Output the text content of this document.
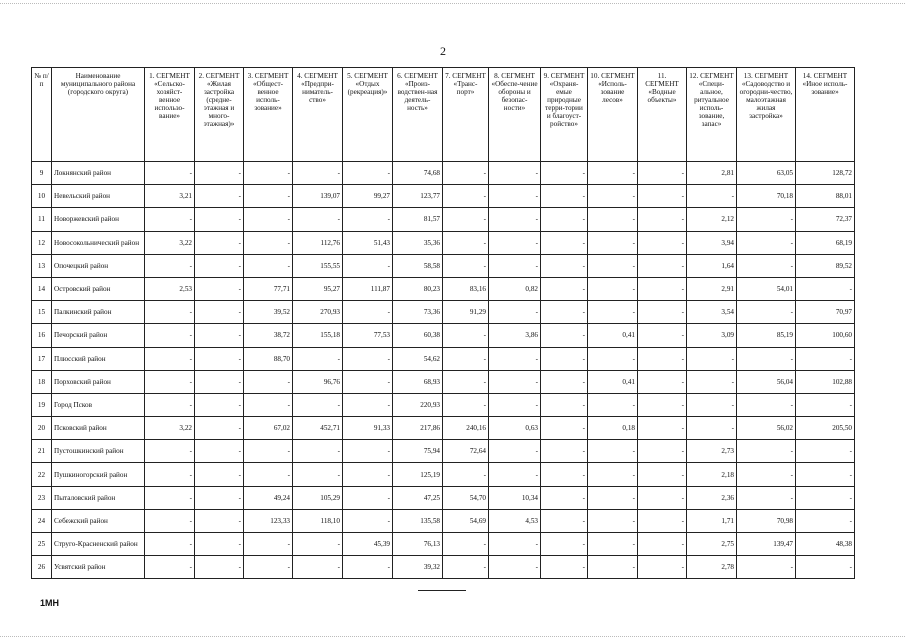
2
№ п/п	Наименование муниципального района (городского округа)	1. СЕГМЕНТ «Сельско-хозяйст-венное использо-вание»	2. СЕГМЕНТ «Жилая застройка (средне-этажная и много-этажная)»	3. СЕГМЕНТ «Общест-венное исполь-зование»	4. СЕГМЕНТ «Предпри-ниматель-ство»	5. СЕГМЕНТ «Отдых (рекреация)»	6. СЕГМЕНТ «Произ-водствен-ная деятель-ность»	7. СЕГМЕНТ «Транс-порт»	8. СЕГМЕНТ «Обеспе-чение обороны и безопас-ности»	9. СЕГМЕНТ «Охраня-емые природные терри-тории и благоуст-ройство»	10. СЕГМЕНТ «Исполь-зование лесов»	11. СЕГМЕНТ «Водные объекты»	12. СЕГМЕНТ «Специ-альное, ритуальное исполь-зование, запас»	13. СЕГМЕНТ «Садоводство и огородни-чество, малоэтажная жилая застройка»	14. СЕГМЕНТ «Иное исполь-зование»
9	Локнянский район	-	-	-	-	-	74,68	-	-	-	-	-	2,81	63,05	128,72
10	Невельский район	3,21	-	-	139,07	99,27	123,77	-	-	-	-	-	-	70,18	88,01
11	Новоржевский район	-	-	-	-	-	81,57	-	-	-	-	-	2,12	-	72,37
12	Новосокольнический район	3,22	-	-	112,76	51,43	35,36	-	-	-	-	-	3,94	-	68,19
13	Опочецкий район	-	-	-	155,55	-	58,58	-	-	-	-	-	1,64	-	89,52
14	Островский район	2,53	-	77,71	95,27	111,87	80,23	83,16	0,82	-	-	-	2,91	54,01	-
15	Палкинский район	-	-	39,52	270,93	-	73,36	91,29	-	-	-	-	3,54	-	70,97
16	Печорский район	-	-	38,72	155,18	77,53	60,38	-	3,86	-	0,41	-	3,09	85,19	100,60
17	Плюсский район	-	-	88,70	-	-	54,62	-	-	-	-	-	-	-	-
18	Порховский район	-	-	-	96,76	-	68,93	-	-	-	0,41	-	-	56,04	102,88
19	Город Псков	-	-	-	-	-	220,93	-	-	-	-	-	-	-	-
20	Псковский район	3,22	-	67,02	452,71	91,33	217,86	240,16	0,63	-	0,18	-	-	56,02	205,50
21	Пустошкинский район	-	-	-	-	-	75,94	72,64	-	-	-	-	2,73	-	-
22	Пушкиногорский район	-	-	-	-	-	125,19	-	-	-	-	-	2,18	-	-
23	Пыталовский район	-	-	49,24	105,29	-	47,25	54,70	10,34	-	-	-	2,36	-	-
24	Себежский район	-	-	123,33	118,10	-	135,58	54,69	4,53	-	-	-	1,71	70,98	-
25	Струго-Красненский район	-	-	-	-	45,39	76,13	-	-	-	-	-	2,75	139,47	48,38
26	Усвятский район	-	-	-	-	-	39,32	-	-	-	-	-	2,78	-	-
1МН
